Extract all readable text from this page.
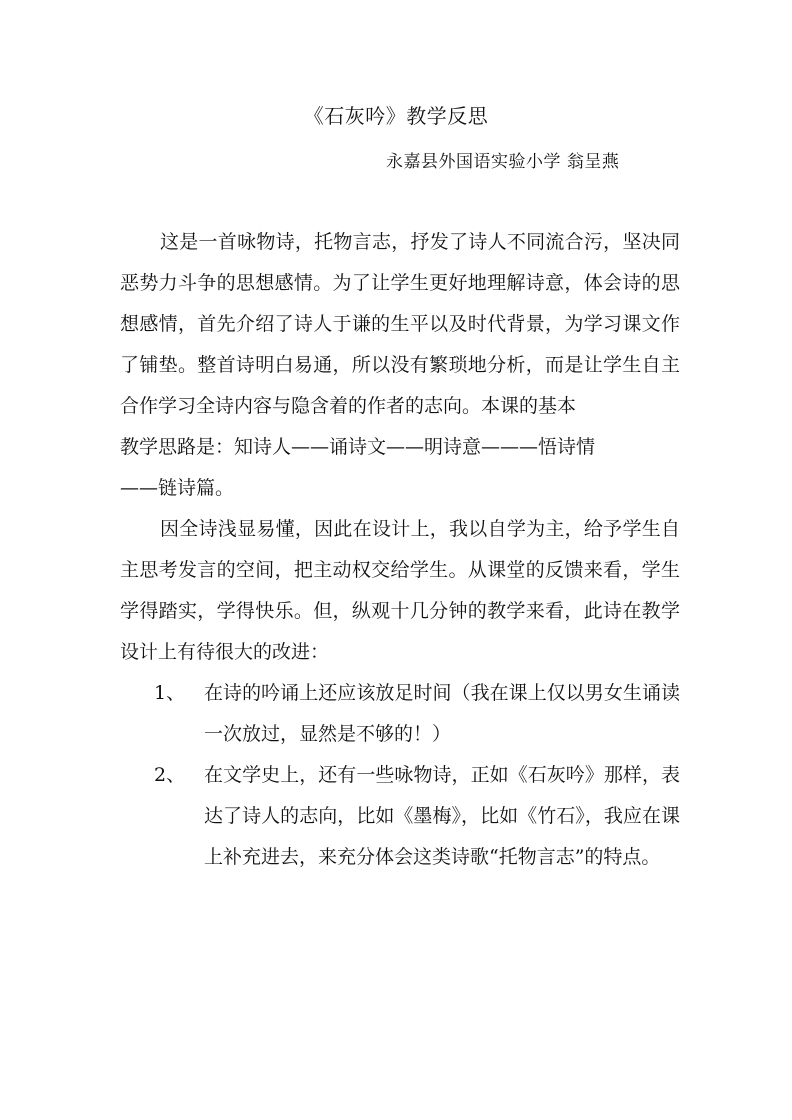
《石灰吟》教学反思
永嘉县外国语实验小学 翁呈燕

这是一首咏物诗，托物言志，抒发了诗人不同流合污，坚决同恶势力斗争的思想感情。为了让学生更好地理解诗意，体会诗的思想感情，首先介绍了诗人于谦的生平以及时代背景，为学习课文作了铺垫。整首诗明白易通，所以没有繁琐地分析，而是让学生自主合作学习全诗内容与隐含着的作者的志向。本课的基本

教学思路是：知诗人——诵诗文——明诗意———悟诗情

——链诗篇。

因全诗浅显易懂，因此在设计上，我以自学为主，给予学生自主思考发言的空间，把主动权交给学生。从课堂的反馈来看，学生学得踏实，学得快乐。但，纵观十几分钟的教学来看，此诗在教学设计上有待很大的改进：

1、 在诗的吟诵上还应该放足时间（我在课上仅以男女生诵读一次放过，显然是不够的！）
2、 在文学史上，还有一些咏物诗，正如《石灰吟》那样，表达了诗人的志向，比如《墨梅》，比如《竹石》，我应在课上补充进去，来充分体会这类诗歌“托物言志”的特点。
